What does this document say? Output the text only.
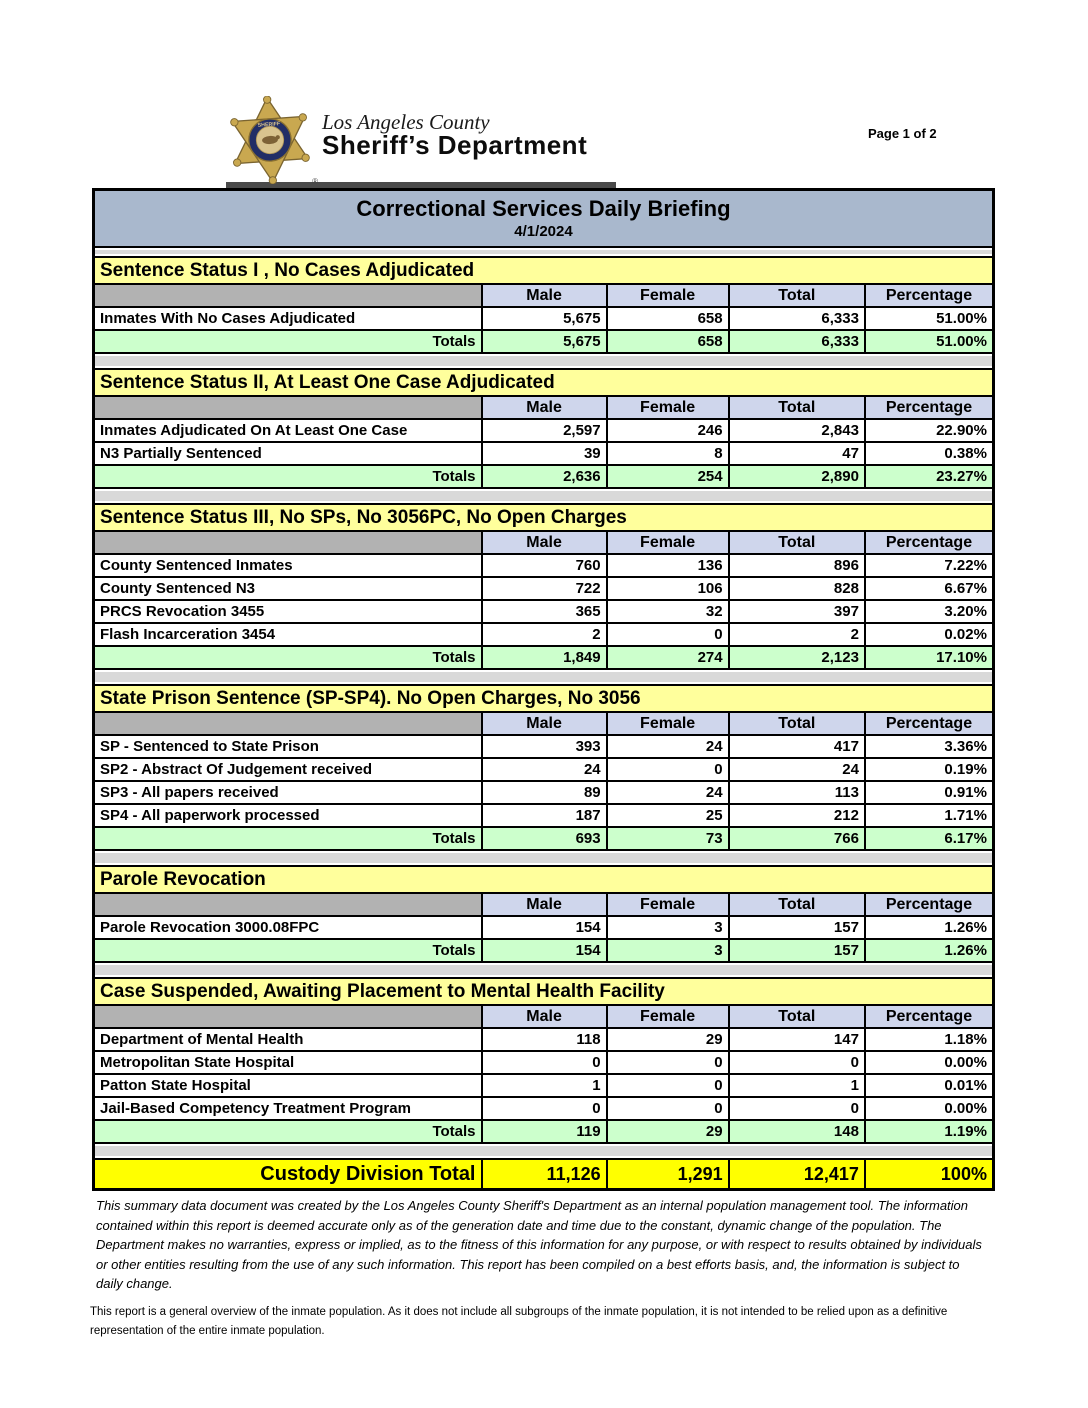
SHERIFF
®
Los Angeles County
Sheriff’s Department	Page 1 of 2
Correctional Services Daily Briefing
4/1/2024
Sentence Status I , No Cases Adjudicated
Male	Female	Total	Percentage
Inmates With No Cases Adjudicated	5,675	658	6,333	51.00%
Totals	5,675	658	6,333	51.00%
Sentence Status II, At Least One Case Adjudicated
Male	Female	Total	Percentage
Inmates Adjudicated On At Least One Case	2,597	246	2,843	22.90%
N3 Partially Sentenced	39	8	47	0.38%
Totals	2,636	254	2,890	23.27%
Sentence Status III, No SPs, No 3056PC, No Open Charges
Male	Female	Total	Percentage
County Sentenced Inmates	760	136	896	7.22%
County Sentenced N3	722	106	828	6.67%
PRCS Revocation 3455	365	32	397	3.20%
Flash Incarceration 3454	2	0	2	0.02%
Totals	1,849	274	2,123	17.10%
State Prison Sentence (SP-SP4). No Open Charges, No 3056
Male	Female	Total	Percentage
SP - Sentenced to State Prison	393	24	417	3.36%
SP2 - Abstract Of Judgement received	24	0	24	0.19%
SP3 - All papers received	89	24	113	0.91%
SP4 - All paperwork processed	187	25	212	1.71%
Totals	693	73	766	6.17%
Parole Revocation
Male	Female	Total	Percentage
Parole Revocation 3000.08FPC	154	3	157	1.26%
Totals	154	3	157	1.26%
Case Suspended, Awaiting Placement to Mental Health Facility
Male	Female	Total	Percentage
Department of Mental Health	118	29	147	1.18%
Metropolitan State Hospital	0	0	0	0.00%
Patton State Hospital	1	0	1	0.01%
Jail-Based Competency Treatment Program	0	0	0	0.00%
Totals	119	29	148	1.19%
Custody Division Total	11,126	1,291	12,417	100%
This summary data document was created by the Los Angeles County Sheriff's Department as an internal population management tool. The information contained within this report is deemed accurate only as of the generation date and time due to the constant, dynamic change of the population. The Department makes no warranties, express or implied, as to the fitness of this information for any purpose, or with respect to results obtained by individuals or other entities resulting from the use of any such information. This report has been compiled on a best efforts basis, and, the information is subject to daily change.
This report is a general overview of the inmate population. As it does not include all subgroups of the inmate population, it is not intended to be relied upon as a definitive representation of the entire inmate population.
